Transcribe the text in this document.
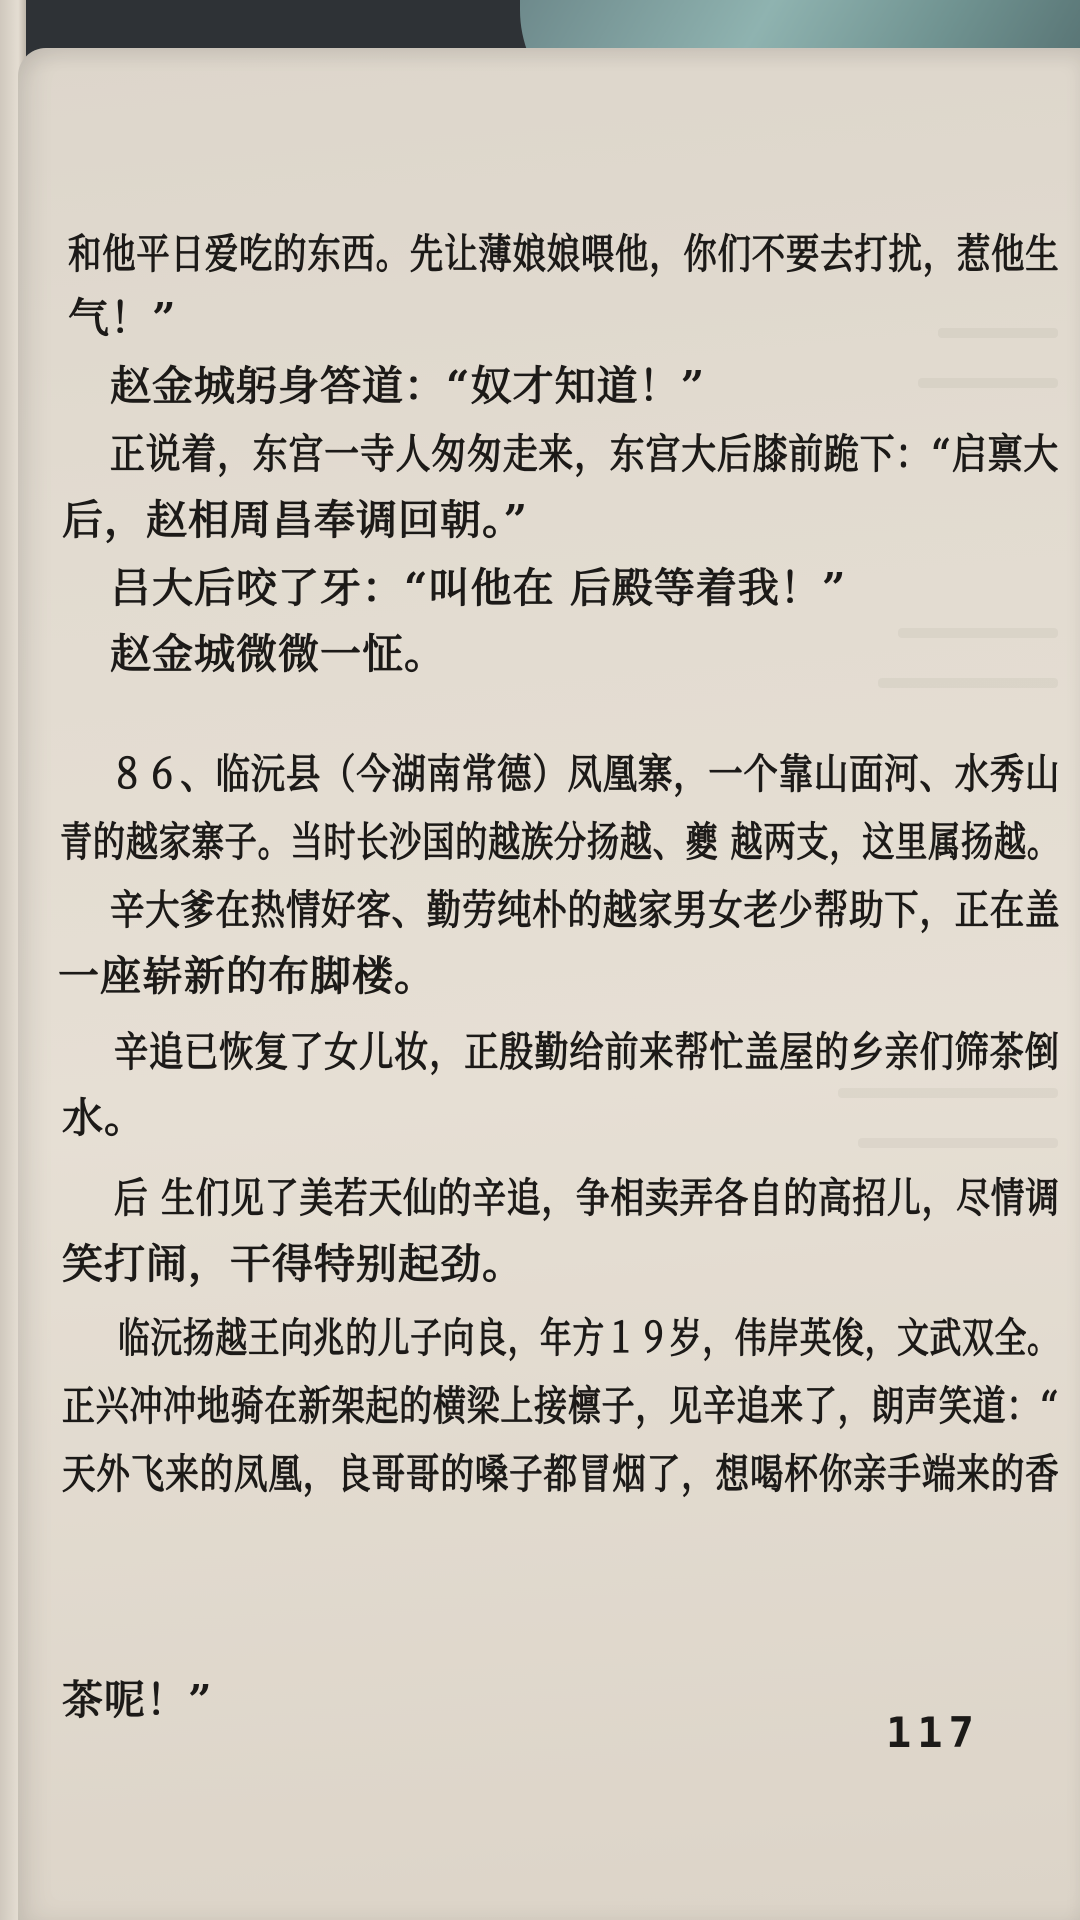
和他平日爱吃的东西。先让薄娘娘喂他，你们不要去打扰，惹他生

气！”

赵金城躬身答道：“奴才知道！”

正说着，东宫一寺人匆匆走来，东宫大后膝前跪下：“启禀大

后，赵相周昌奉调回朝。”

吕大后咬了牙：“叫他在 后殿等着我！”

赵金城微微一怔。

８６、临沅县（今湖南常德）凤凰寨，一个靠山面河、水秀山

青的越家寨子。当时长沙国的越族分扬越、夔 越两支，这里属扬越。

辛大爹在热情好客、勤劳纯朴的越家男女老少帮助下，正在盖

一座崭新的布脚楼。

辛追已恢复了女儿妆，正殷勤给前来帮忙盖屋的乡亲们筛茶倒

水。

后 生们见了美若天仙的辛追，争相卖弄各自的高招儿，尽情调

笑打闹，干得特别起劲。

临沅扬越王向兆的儿子向良，年方１９岁，伟岸英俊，文武双全。

正兴冲冲地骑在新架起的横梁上接檩子，见辛追来了，朗声笑道：“

天外飞来的凤凰，良哥哥的嗓子都冒烟了，想喝杯你亲手端来的香

茶呢！”

117
